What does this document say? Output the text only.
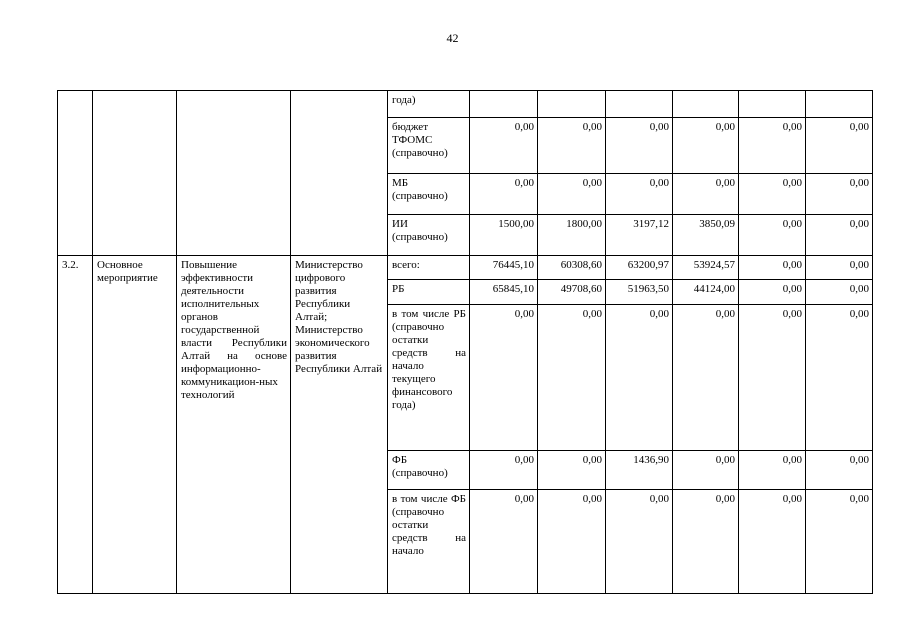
42
				года)						
				бюджет
ТФОМС
(справочно)	0,00	0,00	0,00	0,00	0,00	0,00
				МБ
(справочно)	0,00	0,00	0,00	0,00	0,00	0,00
				ИИ
(справочно)	1500,00	1800,00	3197,12	3850,09	0,00	0,00
3.2.	Основное мероприятие	Повышение эффективности деятельности исполнительных органов государственной власти Республики Алтай на основе информационно-коммуникацион-ных технологий	Министерство цифрового развития Республики Алтай; Министерство экономического развития Республики Алтай	всего:	76445,10	60308,60	63200,97	53924,57	0,00	0,00
				РБ	65845,10	49708,60	51963,50	44124,00	0,00	0,00
				в том числе РБ (справочно остатки средств на начало текущего финансового года)	0,00	0,00	0,00	0,00	0,00	0,00
				ФБ
(справочно)	0,00	0,00	1436,90	0,00	0,00	0,00
				в том числе ФБ (справочно остатки средств на начало	0,00	0,00	0,00	0,00	0,00	0,00
